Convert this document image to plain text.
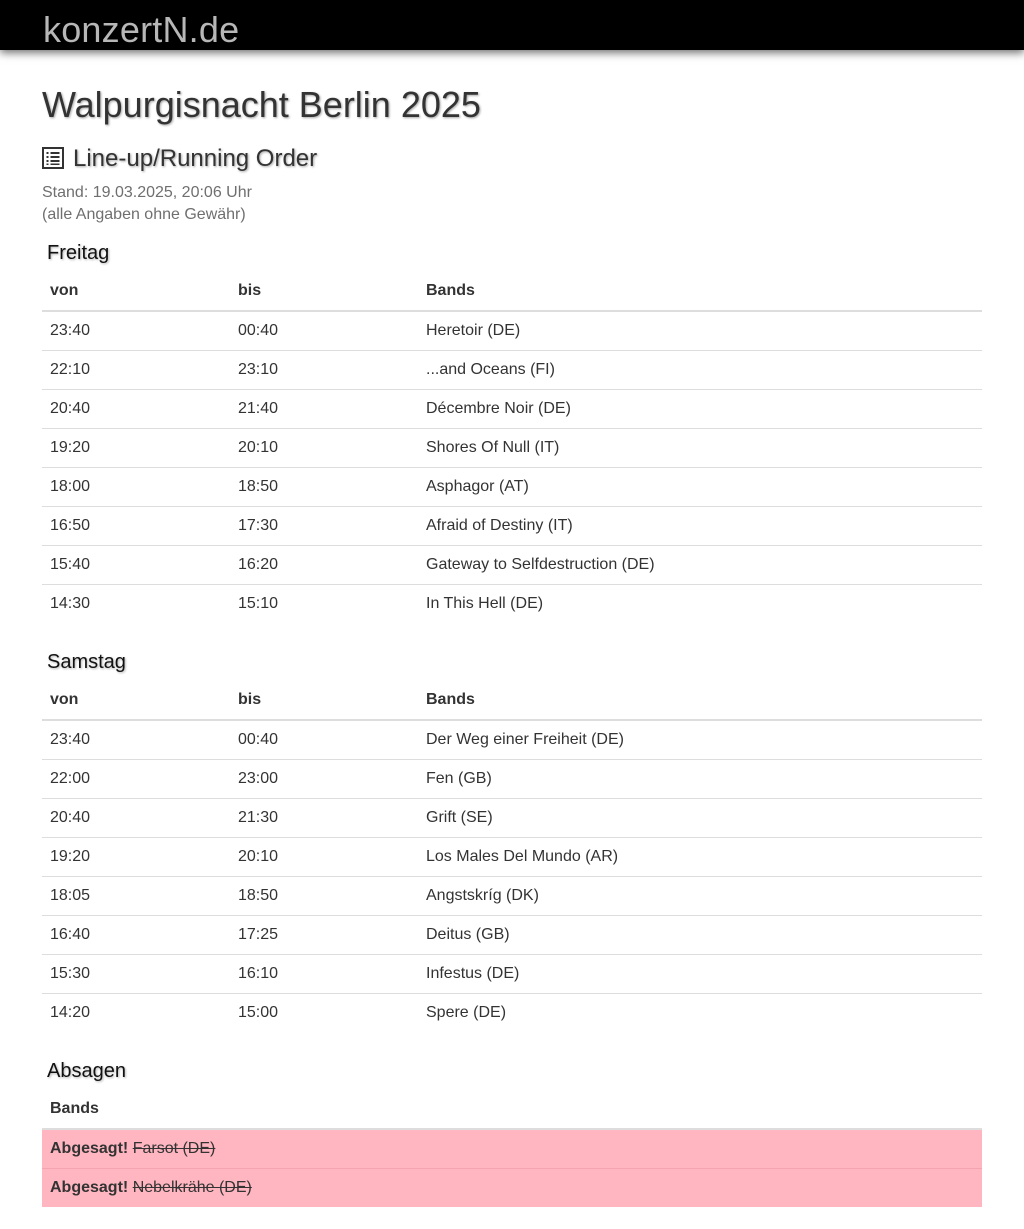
konzertN.de
Walpurgisnacht Berlin 2025
Line-up/Running Order
Stand: 19.03.2025, 20:06 Uhr
(alle Angaben ohne Gewähr)
Freitag
von	bis	Bands
23:40	00:40	Heretoir (DE)
22:10	23:10	...and Oceans (FI)
20:40	21:40	Décembre Noir (DE)
19:20	20:10	Shores Of Null (IT)
18:00	18:50	Asphagor (AT)
16:50	17:30	Afraid of Destiny (IT)
15:40	16:20	Gateway to Selfdestruction (DE)
14:30	15:10	In This Hell (DE)
Samstag
von	bis	Bands
23:40	00:40	Der Weg einer Freiheit (DE)
22:00	23:00	Fen (GB)
20:40	21:30	Grift (SE)
19:20	20:10	Los Males Del Mundo (AR)
18:05	18:50	Angstskríg (DK)
16:40	17:25	Deitus (GB)
15:30	16:10	Infestus (DE)
14:20	15:00	Spere (DE)
Absagen
Bands
Abgesagt! Farsot (DE)
Abgesagt! Nebelkrähe (DE)
